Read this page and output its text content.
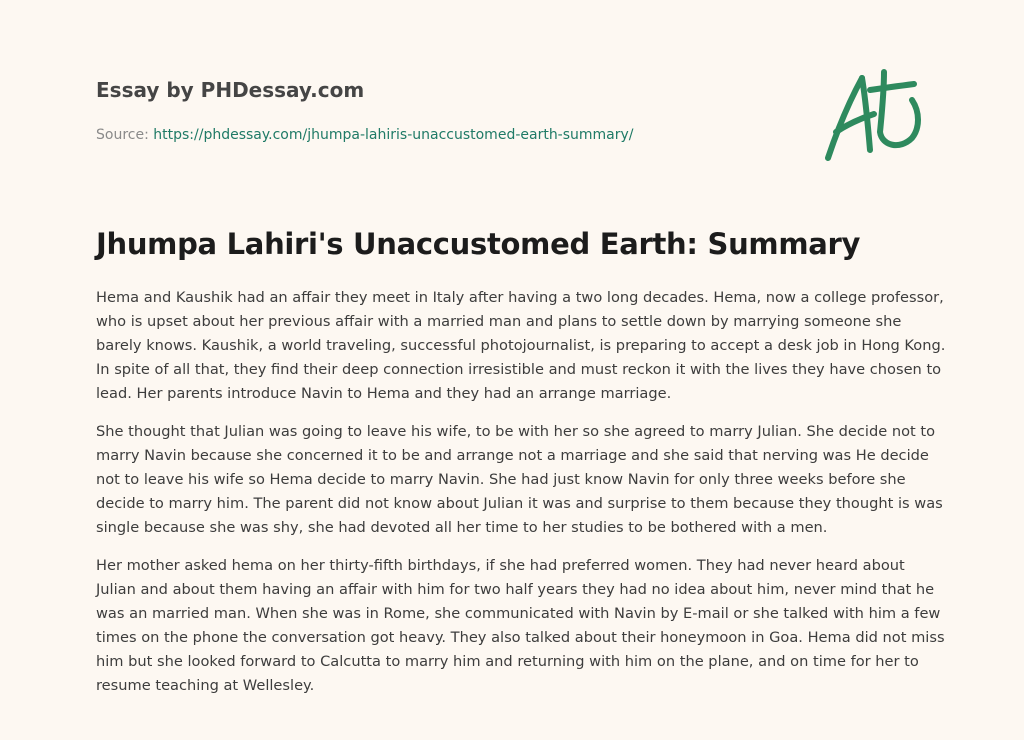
Essay by PHDessay.com
Source: https://phdessay.com/jhumpa-lahiris-unaccustomed-earth-summary/
Jhumpa Lahiri's Unaccustomed Earth: Summary

Hema and Kaushik had an affair they meet in Italy after having a two long decades. Hema, now a college professor, who is upset about her previous affair with a married man and plans to settle down by marrying someone she barely knows. Kaushik, a world traveling, successful photojournalist, is preparing to accept a desk job in Hong Kong. In spite of all that, they find their deep connection irresistible and must reckon it with the lives they have chosen to lead. Her parents introduce Navin to Hema and they had an arrange marriage.

She thought that Julian was going to leave his wife, to be with her so she agreed to marry Julian. She decide not to marry Navin because she concerned it to be and arrange not a marriage and she said that nerving was He decide not to leave his wife so Hema decide to marry Navin. She had just know Navin for only three weeks before she decide to marry him. The parent did not know about Julian it was and surprise to them because they thought is was single because she was shy, she had devoted all her time to her studies to be bothered with a men.

Her mother asked hema on her thirty-fifth birthdays, if she had preferred women. They had never heard about Julian and about them having an affair with him for two half years they had no idea about him, never mind that he was an married man. When she was in Rome, she communicated with Navin by E-mail or she talked with him a few times on the phone the conversation got heavy. They also talked about their honeymoon in Goa. Hema did not miss him but she looked forward to Calcutta to marry him and returning with him on the plane, and on time for her to resume teaching at Wellesley.
